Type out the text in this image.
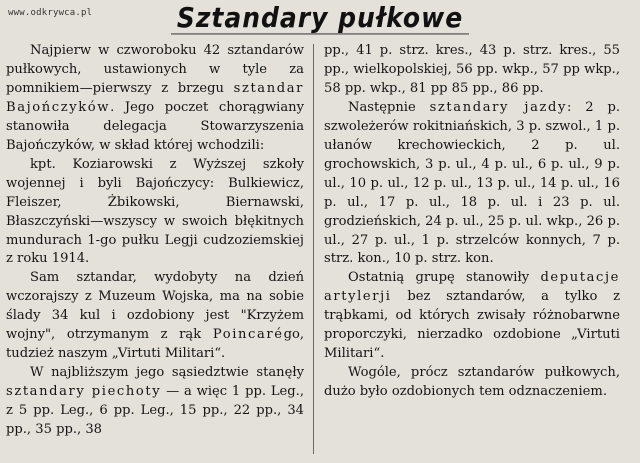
www.odkrywca.pl	Sztandary pułkowe

Najpierw w czworoboku 42 sztandarów pułkowych, ustawionych w tyle za pomnikiem—pierwszy z brzegu sztandar Bajończyków. Jego poczet chorągwiany stanowiła delegacja Stowarzyszenia Bajończyków, w skład której wchodzili:

kpt. Koziarowski z Wyższej szkoły wojennej i byli Bajończycy: Bulkiewicz, Fleiszer, Żbikowski, Biernawski, Błaszczyński—wszyscy w swoich błękitnych mundurach 1-go pułku Legji cudzoziemskiej z roku 1914.

Sam sztandar, wydobyty na dzień wczorajszy z Muzeum Wojska, ma na sobie ślady 34 kul i ozdobiony jest "Krzyżem wojny", otrzymanym z rąk Poincarégo, tudzież naszym „Virtuti Militari“.

W najbliższym jego sąsiedztwie stanęły sztandary piechoty — a więc 1 pp. Leg., z 5 pp. Leg., 6 pp. Leg., 15 pp., 22 pp., 34 pp., 35 pp., 38

pp., 41 p. strz. kres., 43 p. strz. kres., 55 pp., wielkopolskiej, 56 pp. wkp., 57 pp wkp., 58 pp. wkp., 81 pp 85 pp., 86 pp.

Następnie sztandary jazdy: 2 p. szwoleżerów rokitniańskich, 3 p. szwol., 1 p. ułanów krechowieckich, 2 p. ul. grochowskich, 3 p. ul., 4 p. ul., 6 p. ul., 9 p. ul., 10 p. ul., 12 p. ul., 13 p. ul., 14 p. ul., 16 p. ul., 17 p. ul., 18 p. ul. i 23 p. ul. grodzieńskich, 24 p. ul., 25 p. ul. wkp., 26 p. ul., 27 p. ul., 1 p. strzelców konnych, 7 p. strz. kon., 10 p. strz. kon.

Ostatnią grupę stanowiły deputacje artylerji bez sztandarów, a tylko z trąbkami, od których zwisały różnobarwne proporczyki, nierzadko ozdobione „Virtuti Militari“.

Wogóle, prócz sztandarów pułkowych, dużo było ozdobionych tem odznaczeniem.
